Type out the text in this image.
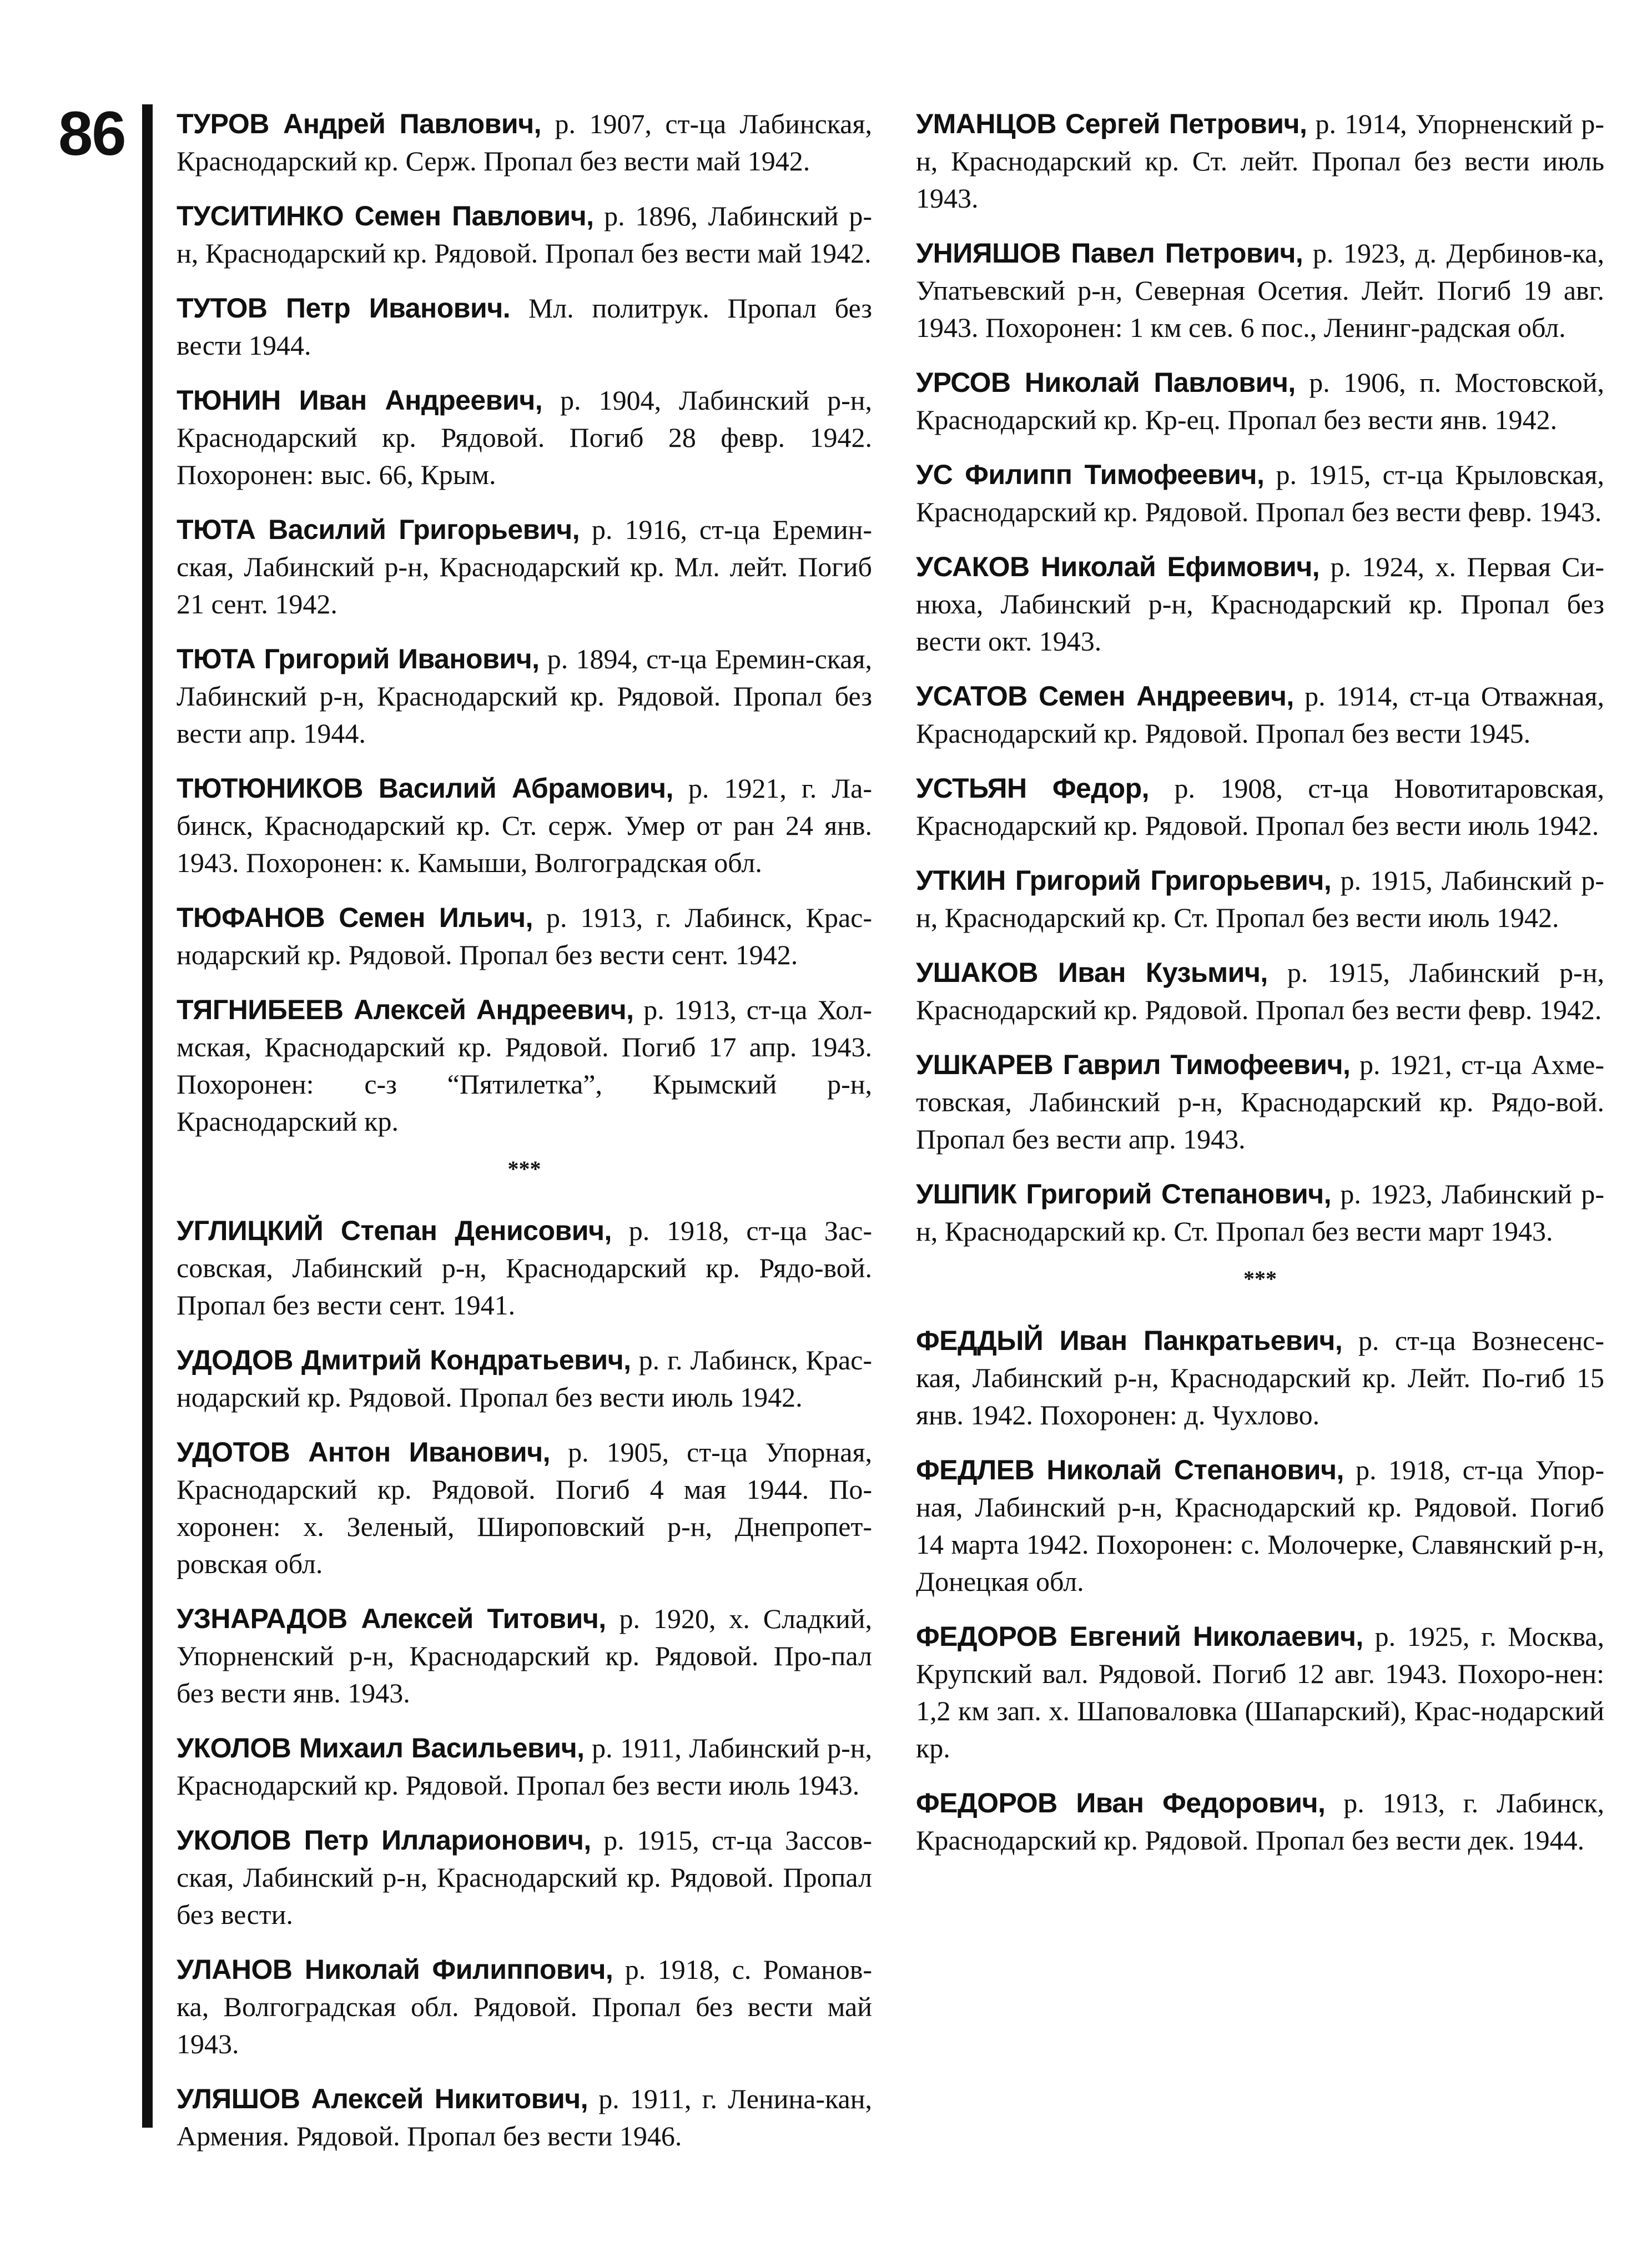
86 ТУРОВ Андрей Павлович, р. 1907, ст-ца Лабинская, Краснодарский кр. Серж. Пропал без вести май 1942.

ТУСИТИНКО Семен Павлович, р. 1896, Лабинский р-н, Краснодарский кр. Рядовой. Пропал без вести май 1942.

ТУТОВ Петр Иванович. Мл. политрук. Пропал без вести 1944.

ТЮНИН Иван Андреевич, р. 1904, Лабинский р-н, Краснодарский кр. Рядовой. Погиб 28 февр. 1942. Похоронен: выс. 66, Крым.

ТЮТА Василий Григорьевич, р. 1916, ст-ца Еремин-ская, Лабинский р-н, Краснодарский кр. Мл. лейт. Погиб 21 сент. 1942.

ТЮТА Григорий Иванович, р. 1894, ст-ца Еремин-ская, Лабинский р-н, Краснодарский кр. Рядовой. Пропал без вести апр. 1944.

ТЮТЮНИКОВ Василий Абрамович, р. 1921, г. Ла-бинск, Краснодарский кр. Ст. серж. Умер от ран 24 янв. 1943. Похоронен: к. Камыши, Волгоградская обл.

ТЮФАНОВ Семен Ильич, р. 1913, г. Лабинск, Крас-нодарский кр. Рядовой. Пропал без вести сент. 1942.

ТЯГНИБЕЕВ Алексей Андреевич, р. 1913, ст-ца Хол-мская, Краснодарский кр. Рядовой. Погиб 17 апр. 1943. Похоронен: с-з “Пятилетка”, Крымский р-н, Краснодарский кр.

***

УГЛИЦКИЙ Степан Денисович, р. 1918, ст-ца Зас-совская, Лабинский р-н, Краснодарский кр. Рядо-вой. Пропал без вести сент. 1941.

УДОДОВ Дмитрий Кондратьевич, р. г. Лабинск, Крас-нодарский кр. Рядовой. Пропал без вести июль 1942.

УДОТОВ Антон Иванович, р. 1905, ст-ца Упорная, Краснодарский кр. Рядовой. Погиб 4 мая 1944. По-хоронен: х. Зеленый, Широповский р-н, Днепропет-ровская обл.

УЗНАРАДОВ Алексей Титович, р. 1920, х. Сладкий, Упорненский р-н, Краснодарский кр. Рядовой. Про-пал без вести янв. 1943.

УКОЛОВ Михаил Васильевич, р. 1911, Лабинский р-н, Краснодарский кр. Рядовой. Пропал без вести июль 1943.

УКОЛОВ Петр Илларионович, р. 1915, ст-ца Зассов-ская, Лабинский р-н, Краснодарский кр. Рядовой. Пропал без вести.

УЛАНОВ Николай Филиппович, р. 1918, с. Романов-ка, Волгоградская обл. Рядовой. Пропал без вести май 1943.

УЛЯШОВ Алексей Никитович, р. 1911, г. Ленина-кан, Армения. Рядовой. Пропал без вести 1946.

УМАНЦОВ Сергей Петрович, р. 1914, Упорненский р-н, Краснодарский кр. Ст. лейт. Пропал без вести июль 1943.

УНИЯШОВ Павел Петрович, р. 1923, д. Дербинов-ка, Упатьевский р-н, Северная Осетия. Лейт. Погиб 19 авг. 1943. Похоронен: 1 км сев. 6 пос., Ленинг-радская обл.

УРСОВ Николай Павлович, р. 1906, п. Мостовской, Краснодарский кр. Кр-ец. Пропал без вести янв. 1942.

УС Филипп Тимофеевич, р. 1915, ст-ца Крыловская, Краснодарский кр. Рядовой. Пропал без вести февр. 1943.

УСАКОВ Николай Ефимович, р. 1924, х. Первая Си-нюха, Лабинский р-н, Краснодарский кр. Пропал без вести окт. 1943.

УСАТОВ Семен Андреевич, р. 1914, ст-ца Отважная, Краснодарский кр. Рядовой. Пропал без вести 1945.

УСТЬЯН Федор, р. 1908, ст-ца Новотитаровская, Краснодарский кр. Рядовой. Пропал без вести июль 1942.

УТКИН Григорий Григорьевич, р. 1915, Лабинский р-н, Краснодарский кр. Ст. Пропал без вести июль 1942.

УШАКОВ Иван Кузьмич, р. 1915, Лабинский р-н, Краснодарский кр. Рядовой. Пропал без вести февр. 1942.

УШКАРЕВ Гаврил Тимофеевич, р. 1921, ст-ца Ахме-товская, Лабинский р-н, Краснодарский кр. Рядо-вой. Пропал без вести апр. 1943.

УШПИК Григорий Степанович, р. 1923, Лабинский р-н, Краснодарский кр. Ст. Пропал без вести март 1943.

***

ФЕДДЫЙ Иван Панкратьевич, р. ст-ца Вознесенс-кая, Лабинский р-н, Краснодарский кр. Лейт. По-гиб 15 янв. 1942. Похоронен: д. Чухлово.

ФЕДЛЕВ Николай Степанович, р. 1918, ст-ца Упор-ная, Лабинский р-н, Краснодарский кр. Рядовой. Погиб 14 марта 1942. Похоронен: с. Молочерке, Славянский р-н, Донецкая обл.

ФЕДОРОВ Евгений Николаевич, р. 1925, г. Москва, Крупский вал. Рядовой. Погиб 12 авг. 1943. Похоро-нен: 1,2 км зап. х. Шаповаловка (Шапарский), Крас-нодарский кр.

ФЕДОРОВ Иван Федорович, р. 1913, г. Лабинск, Краснодарский кр. Рядовой. Пропал без вести дек. 1944.
